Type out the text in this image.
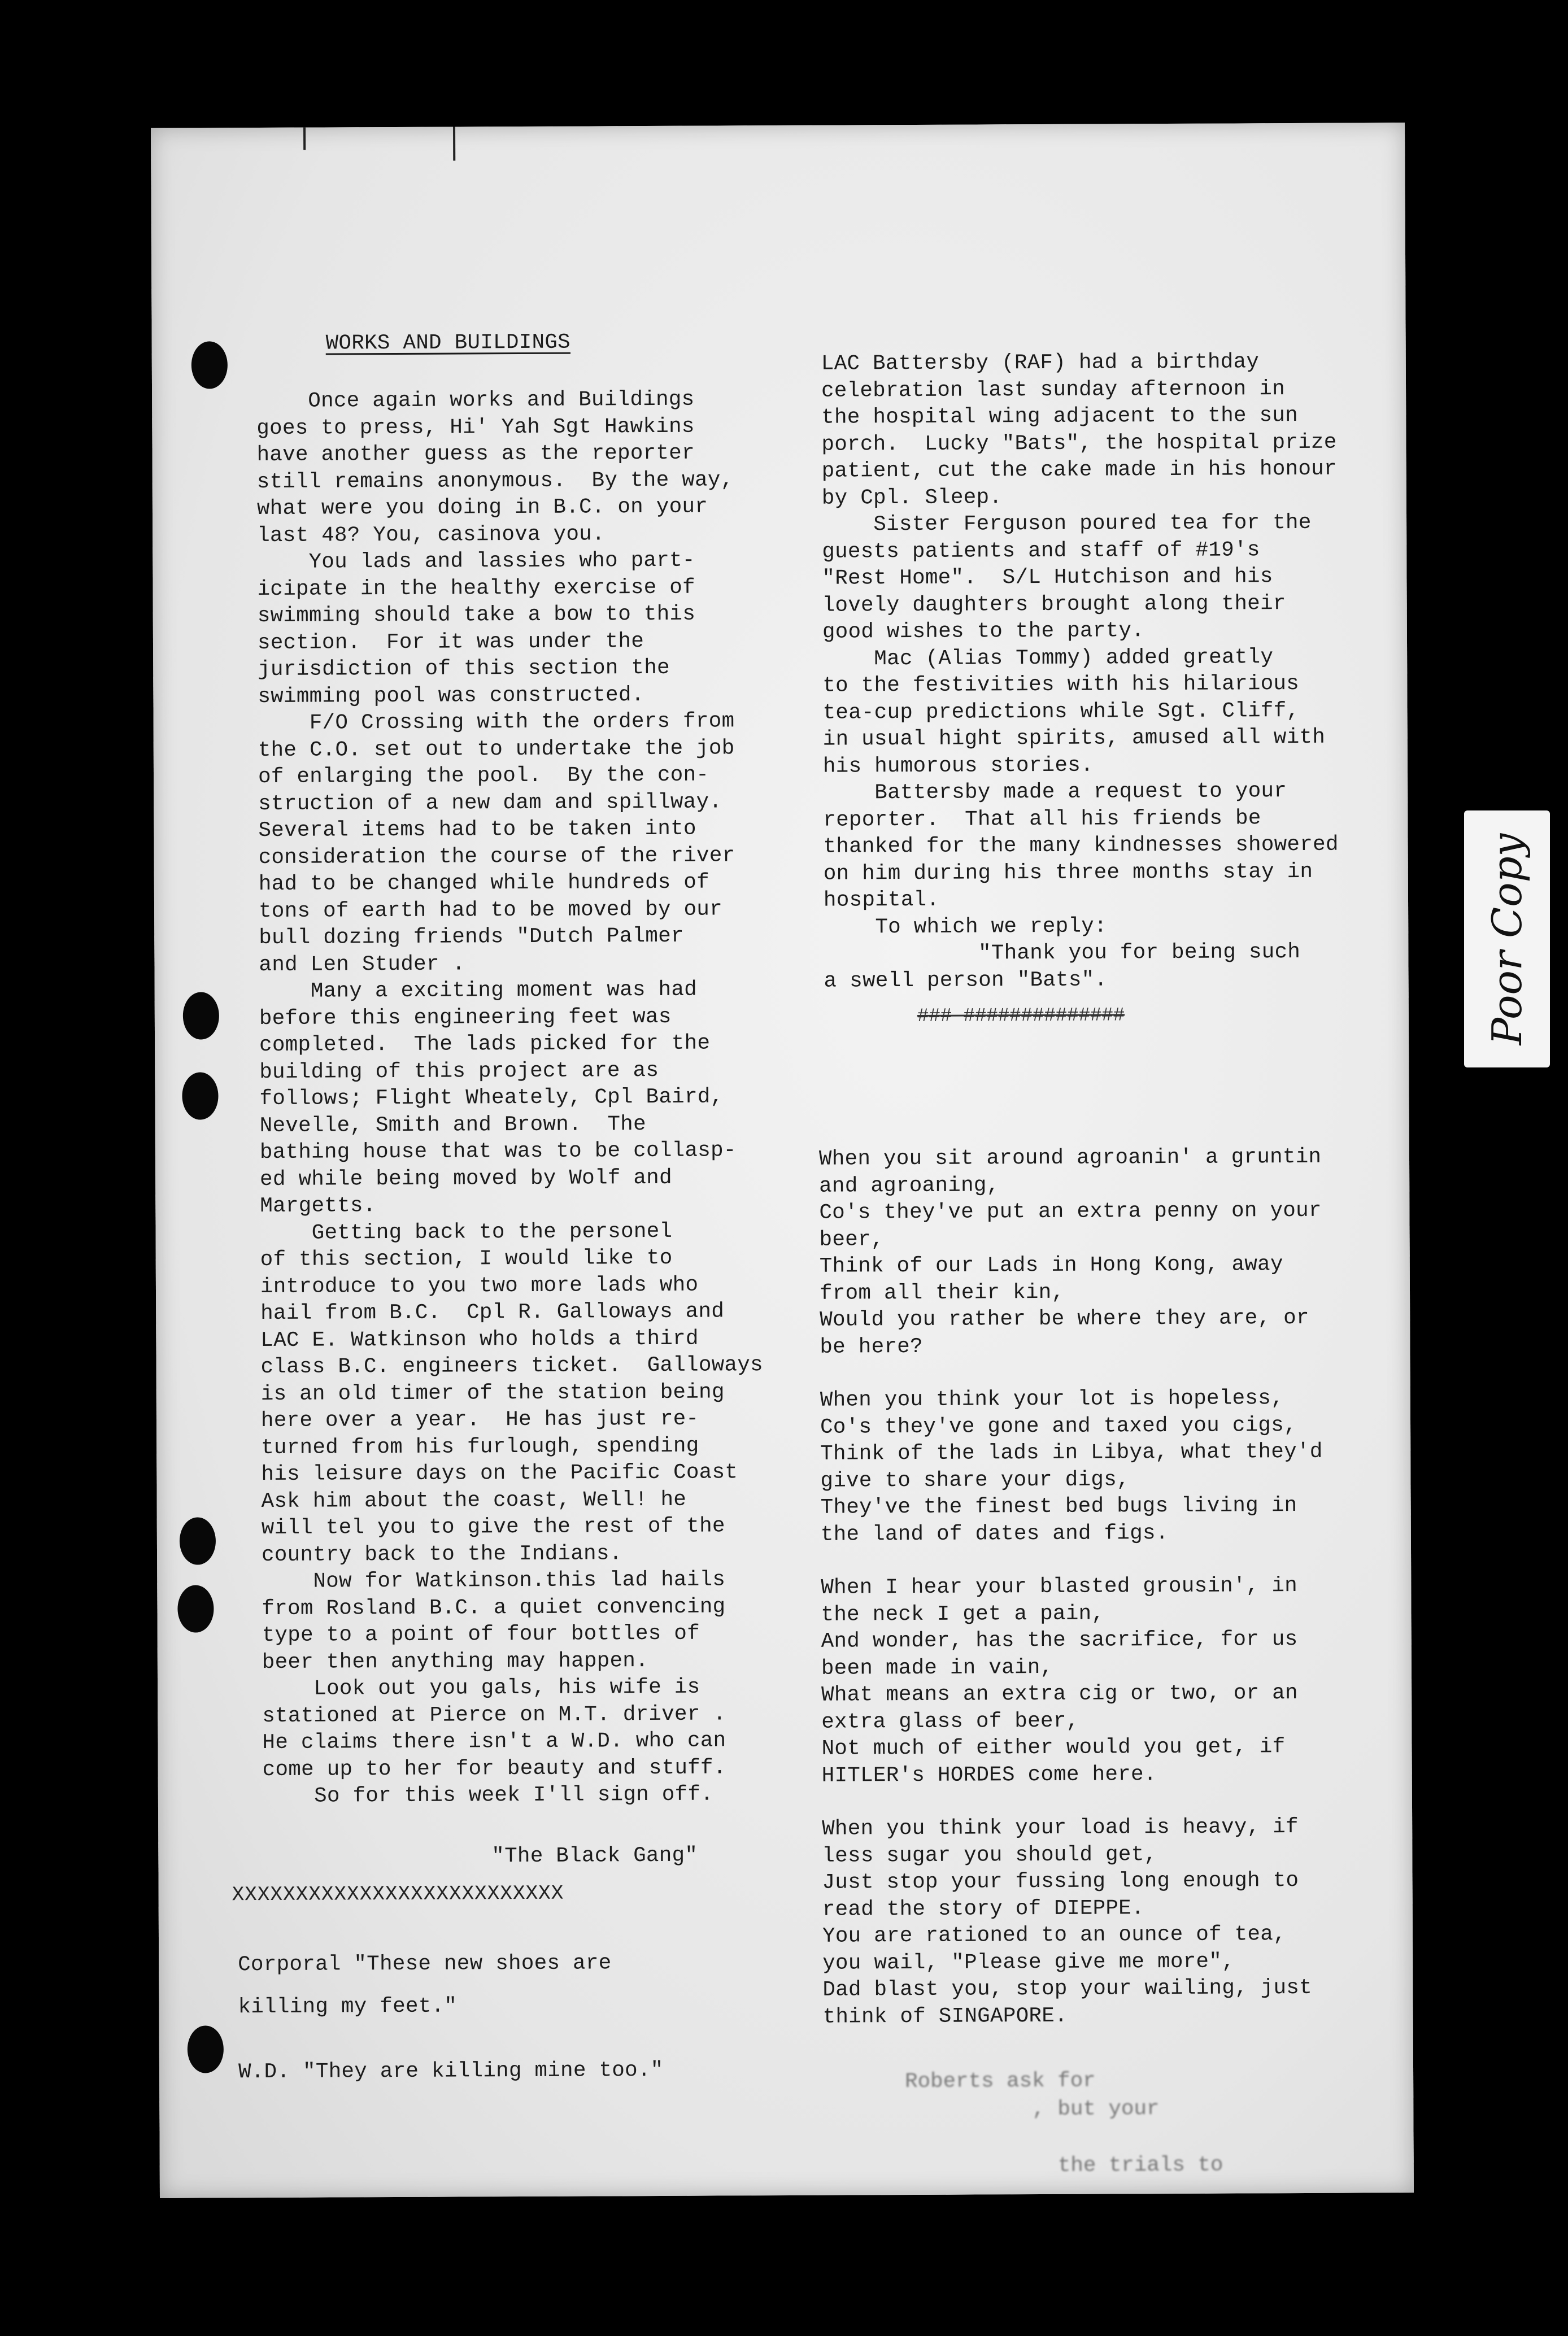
WORKS AND BUILDINGS
Once again works and Buildings
goes to press, Hi' Yah Sgt Hawkins
have another guess as the reporter
still remains anonymous.  By the way,
what were you doing in B.C. on your
last 48? You, casinova you.
You lads and lassies who part-
icipate in the healthy exercise of
swimming should take a bow to this
section.  For it was under the
jurisdiction of this section the
swimming pool was constructed.
F/O Crossing with the orders from
the C.O. set out to undertake the job
of enlarging the pool.  By the con-
struction of a new dam and spillway.
Several items had to be taken into
consideration the course of the river
had to be changed while hundreds of
tons of earth had to be moved by our
bull dozing friends "Dutch Palmer
and Len Studer .
Many a exciting moment was had
before this engineering feet was
completed.  The lads picked for the
building of this project are as
follows; Flight Wheately, Cpl Baird,
Nevelle, Smith and Brown.  The
bathing house that was to be collasp-
ed while being moved by Wolf and
Margetts.
Getting back to the personel
of this section, I would like to
introduce to you two more lads who
hail from B.C.  Cpl R. Galloways and
LAC E. Watkinson who holds a third
class B.C. engineers ticket.  Galloways
is an old timer of the station being
here over a year.  He has just re-
turned from his furlough, spending
his leisure days on the Pacific Coast
Ask him about the coast, Well! he
will tel you to give the rest of the
country back to the Indians.
Now for Watkinson.this lad hails
from Rosland B.C. a quiet convencing
type to a point of four bottles of
beer then anything may happen.
Look out you gals, his wife is
stationed at Pierce on M.T. driver .
He claims there isn't a W.D. who can
come up to her for beauty and stuff.
So for this week I'll sign off.
"The Black Gang"
XXXXXXXXXXXXXXXXXXXXXXXXXX
Corporal "These new shoes are
killing my feet."
W.D. "They are killing mine too."
LAC Battersby (RAF) had a birthday
celebration last sunday afternoon in
the hospital wing adjacent to the sun
porch.  Lucky "Bats", the hospital prize
patient, cut the cake made in his honour
by Cpl. Sleep.
Sister Ferguson poured tea for the
guests patients and staff of #19's
"Rest Home".  S/L Hutchison and his
lovely daughters brought along their
good wishes to the party.
Mac (Alias Tommy) added greatly
to the festivities with his hilarious
tea-cup predictions while Sgt. Cliff,
in usual hight spirits, amused all with
his humorous stories.
Battersby made a request to your
reporter.  That all his friends be
thanked for the many kindnesses showered
on him during his three months stay in
hospital.
To which we reply:
"Thank you for being such
a swell person "Bats".
### ##############
When you sit around agroanin' a gruntin
and agroaning,
Co's they've put an extra penny on your
beer,
Think of our Lads in Hong Kong, away
from all their kin,
Would you rather be where they are, or
be here?
When you think your lot is hopeless,
Co's they've gone and taxed you cigs,
Think of the lads in Libya, what they'd
give to share your digs,
They've the finest bed bugs living in
the land of dates and figs.
When I hear your blasted grousin', in
the neck I get a pain,
And wonder, has the sacrifice, for us
been made in vain,
What means an extra cig or two, or an
extra glass of beer,
Not much of either would you get, if
HITLER's HORDES come here.
When you think your load is heavy, if
less sugar you should get,
Just stop your fussing long enough to
read the story of DIEPPE.
You are rationed to an ounce of tea,
you wail, "Please give me more",
Dad blast you, stop your wailing, just
think of SINGAPORE.
Roberts ask for
, but your

the trials to
Poor Copy
